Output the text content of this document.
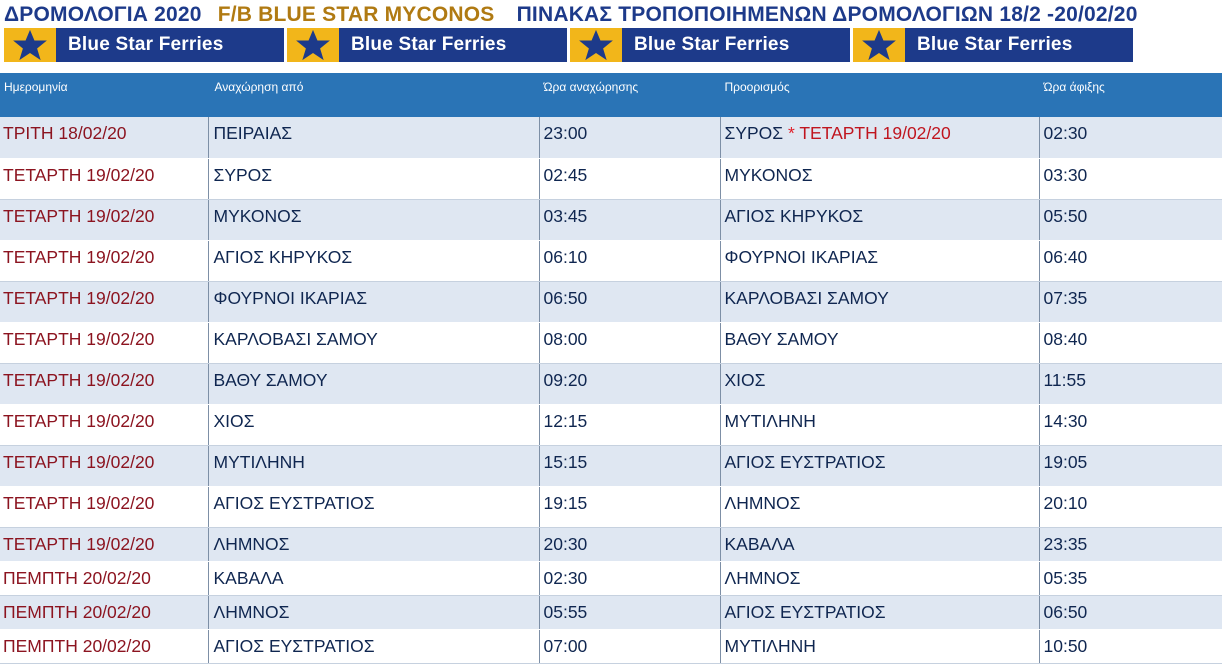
ΔΡΟΜΟΛΟΓΙΑ 2020 F/B BLUE STAR MYCONOS ΠΙΝΑΚΑΣ ΤΡΟΠΟΠΟΙΗΜΕΝΩΝ ΔΡΟΜΟΛΟΓΙΩΝ 18/2 -20/02/20
Blue Star Ferries	Blue Star Ferries	Blue Star Ferries	Blue Star Ferries
Ημερομηνία	Αναχώρηση από	Ώρα αναχώρησης	Προορισμός	Ώρα άφιξης
ΤΡΙΤΗ 18/02/20	ΠΕΙΡΑΙΑΣ	23:00	ΣΥΡΟΣ * ΤΕΤΑΡΤΗ 19/02/20	02:30
ΤΕΤΑΡΤΗ 19/02/20	ΣΥΡΟΣ	02:45	ΜΥΚΟΝΟΣ	03:30
ΤΕΤΑΡΤΗ 19/02/20	ΜΥΚΟΝΟΣ	03:45	ΑΓΙΟΣ ΚΗΡΥΚΟΣ	05:50
ΤΕΤΑΡΤΗ 19/02/20	ΑΓΙΟΣ ΚΗΡΥΚΟΣ	06:10	ΦΟΥΡΝΟΙ ΙΚΑΡΙΑΣ	06:40
ΤΕΤΑΡΤΗ 19/02/20	ΦΟΥΡΝΟΙ ΙΚΑΡΙΑΣ	06:50	ΚΑΡΛΟΒΑΣΙ ΣΑΜΟΥ	07:35
ΤΕΤΑΡΤΗ 19/02/20	ΚΑΡΛΟΒΑΣΙ ΣΑΜΟΥ	08:00	ΒΑΘΥ ΣΑΜΟΥ	08:40
ΤΕΤΑΡΤΗ 19/02/20	ΒΑΘΥ ΣΑΜΟΥ	09:20	ΧΙΟΣ	11:55
ΤΕΤΑΡΤΗ 19/02/20	ΧΙΟΣ	12:15	ΜΥΤΙΛΗΝΗ	14:30
ΤΕΤΑΡΤΗ 19/02/20	ΜΥΤΙΛΗΝΗ	15:15	ΑΓΙΟΣ ΕΥΣΤΡΑΤΙΟΣ	19:05
ΤΕΤΑΡΤΗ 19/02/20	ΑΓΙΟΣ ΕΥΣΤΡΑΤΙΟΣ	19:15	ΛΗΜΝΟΣ	20:10
ΤΕΤΑΡΤΗ 19/02/20	ΛΗΜΝΟΣ	20:30	ΚΑΒΑΛΑ	23:35
ΠΕΜΠΤΗ 20/02/20	ΚΑΒΑΛΑ	02:30	ΛΗΜΝΟΣ	05:35
ΠΕΜΠΤΗ 20/02/20	ΛΗΜΝΟΣ	05:55	ΑΓΙΟΣ ΕΥΣΤΡΑΤΙΟΣ	06:50
ΠΕΜΠΤΗ 20/02/20	ΑΓΙΟΣ ΕΥΣΤΡΑΤΙΟΣ	07:00	ΜΥΤΙΛΗΝΗ	10:50
